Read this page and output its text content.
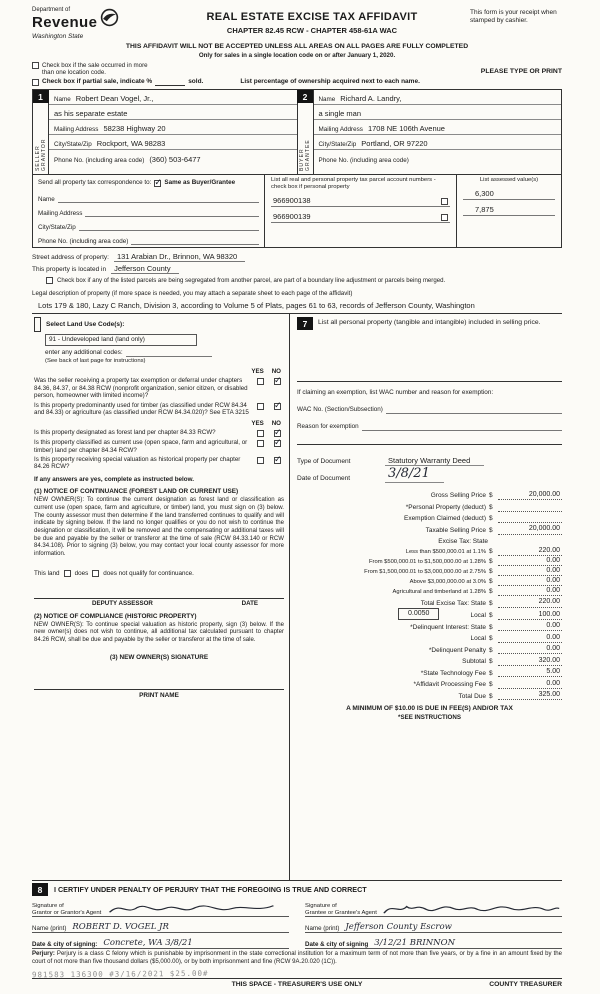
Department of
Revenue
Washington State
REAL ESTATE EXCISE TAX AFFIDAVIT
CHAPTER 82.45 RCW - CHAPTER 458-61A WAC
This form is your receipt when stamped by cashier.
THIS AFFIDAVIT WILL NOT BE ACCEPTED UNLESS ALL AREAS ON ALL PAGES ARE FULLY COMPLETED
Only for sales in a single location code on or after January 1, 2020.
Check box if the sale occurred in more than one location code.	PLEASE TYPE OR PRINT
Check box if partial sale, indicate %	sold.	List percentage of ownership acquired next to each name.
1
SELLER GRANTOR
Name Robert Dean Vogel, Jr.,
as his separate estate
Mailing Address 58238 Highway 20
City/State/Zip Rockport, WA 98283
Phone No. (including area code) (360) 503-6477
2
BUYER GRANTEE
Name Richard A. Landry,
a single man
Mailing Address 1708 NE 106th Avenue
City/State/Zip Portland, OR 97220
Phone No. (including area code)
Send all property tax correspondence to: ✓ Same as Buyer/Grantee
Name
Mailing Address
City/State/Zip
Phone No. (including area code)
List all real and personal property tax parcel account numbers - check box if personal property
966900138
966900139
List assessed value(s)
6,300
7,875
Street address of property:	131 Arabian Dr., Brinnon, WA 98320
This property is located in	Jefferson County
Check box if any of the listed parcels are being segregated from another parcel, are part of a boundary line adjustment or parcels being merged.
Legal description of property (if more space is needed, you may attach a separate sheet to each page of the affidavit)
Lots 179 & 180, Lazy C Ranch, Division 3, according to Volume 5 of Plats, pages 61 to 63, records of Jefferson County, Washington
Select Land Use Code(s):
91 - Undeveloped land (land only)
enter any additional codes:
(See back of last page for instructions)
YES NO
Was the seller receiving a property tax exemption or deferral under chapters 84.36, 84.37, or 84.38 RCW (nonprofit organization, senior citizen, or disabled person, homeowner with limited income)?
✓
Is this property predominantly used for timber (as classified under RCW 84.34 and 84.33) or agriculture (as classified under RCW 84.34.020)? See ETA 3215
✓
YES NO
Is this property designated as forest land per chapter 84.33 RCW?
✓
Is this property classified as current use (open space, farm and agricultural, or timber) land per chapter 84.34 RCW?
✓
Is this property receiving special valuation as historical property per chapter 84.26 RCW?
✓
If any answers are yes, complete as instructed below.
(1) NOTICE OF CONTINUANCE (FOREST LAND OR CURRENT USE)
NEW OWNER(S): To continue the current designation as forest land or classification as current use (open space, farm and agriculture, or timber) land, you must sign on (3) below. The county assessor must then determine if the land transferred continues to qualify and will indicate by signing below. If the land no longer qualifies or you do not wish to continue the designation or classification, it will be removed and the compensating or additional taxes will be due and payable by the seller or transferor at the time of sale (RCW 84.33.140 or RCW 84.34.108). Prior to signing (3) below, you may contact your local county assessor for more information.
This land does does not qualify for continuance.
DEPUTY ASSESSOR	DATE
(2) NOTICE OF COMPLIANCE (HISTORIC PROPERTY)
NEW OWNER(S): To continue special valuation as historic property, sign (3) below. If the new owner(s) does not wish to continue, all additional tax calculated pursuant to chapter 84.26 RCW, shall be due and payable by the seller or transferor at the time of sale.
(3) NEW OWNER(S) SIGNATURE
PRINT NAME
7	List all personal property (tangible and intangible) included in selling price.
If claiming an exemption, list WAC number and reason for exemption:
WAC No. (Section/Subsection)
Reason for exemption
Type of Document	Statutory Warranty Deed
Date of Document	3/8/21
Gross Selling Price $	20,000.00
*Personal Property (deduct) $
Exemption Claimed (deduct) $
Taxable Selling Price $	20,000.00
Excise Tax: State
Less than $500,000.01 at 1.1% $	220.00
From $500,000.01 to $1,500,000.00 at 1.28% $	0.00
From $1,500,000.01 to $3,000,000.00 at 2.75% $	0.00
Above $3,000,000.00 at 3.0% $	0.00
Agricultural and timberland at 1.28% $	0.00
Total Excise Tax: State $	220.00
0.0050	Local $	100.00
*Delinquent Interest: State $	0.00
Local $	0.00
*Delinquent Penalty $	0.00
Subtotal $	320.00
*State Technology Fee $	5.00
*Affidavit Processing Fee $	0.00
Total Due $	325.00
A MINIMUM OF $10.00 IS DUE IN FEE(S) AND/OR TAX
*SEE INSTRUCTIONS
8	I CERTIFY UNDER PENALTY OF PERJURY THAT THE FOREGOING IS TRUE AND CORRECT
Signature of
Grantor or Grantor's Agent
Name (print) ROBERT D. VOGEL JR
Date & city of signing: Concrete, WA 3/8/21
Signature of
Grantee or Grantee's Agent
Name (print) Jefferson County Escrow
Date & city of signing 3/12/21 BRINNON
Perjury: Perjury is a class C felony which is punishable by imprisonment in the state correctional institution for a maximum term of not more than five years, or by a fine in an amount fixed by the court of not more than five thousand dollars ($5,000.00), or by both imprisonment and fine (RCW 9A.20.020 (1C)).
981583 136300 #3/16/2021 $25.00#
THIS SPACE - TREASURER'S USE ONLY	COUNTY TREASURER
